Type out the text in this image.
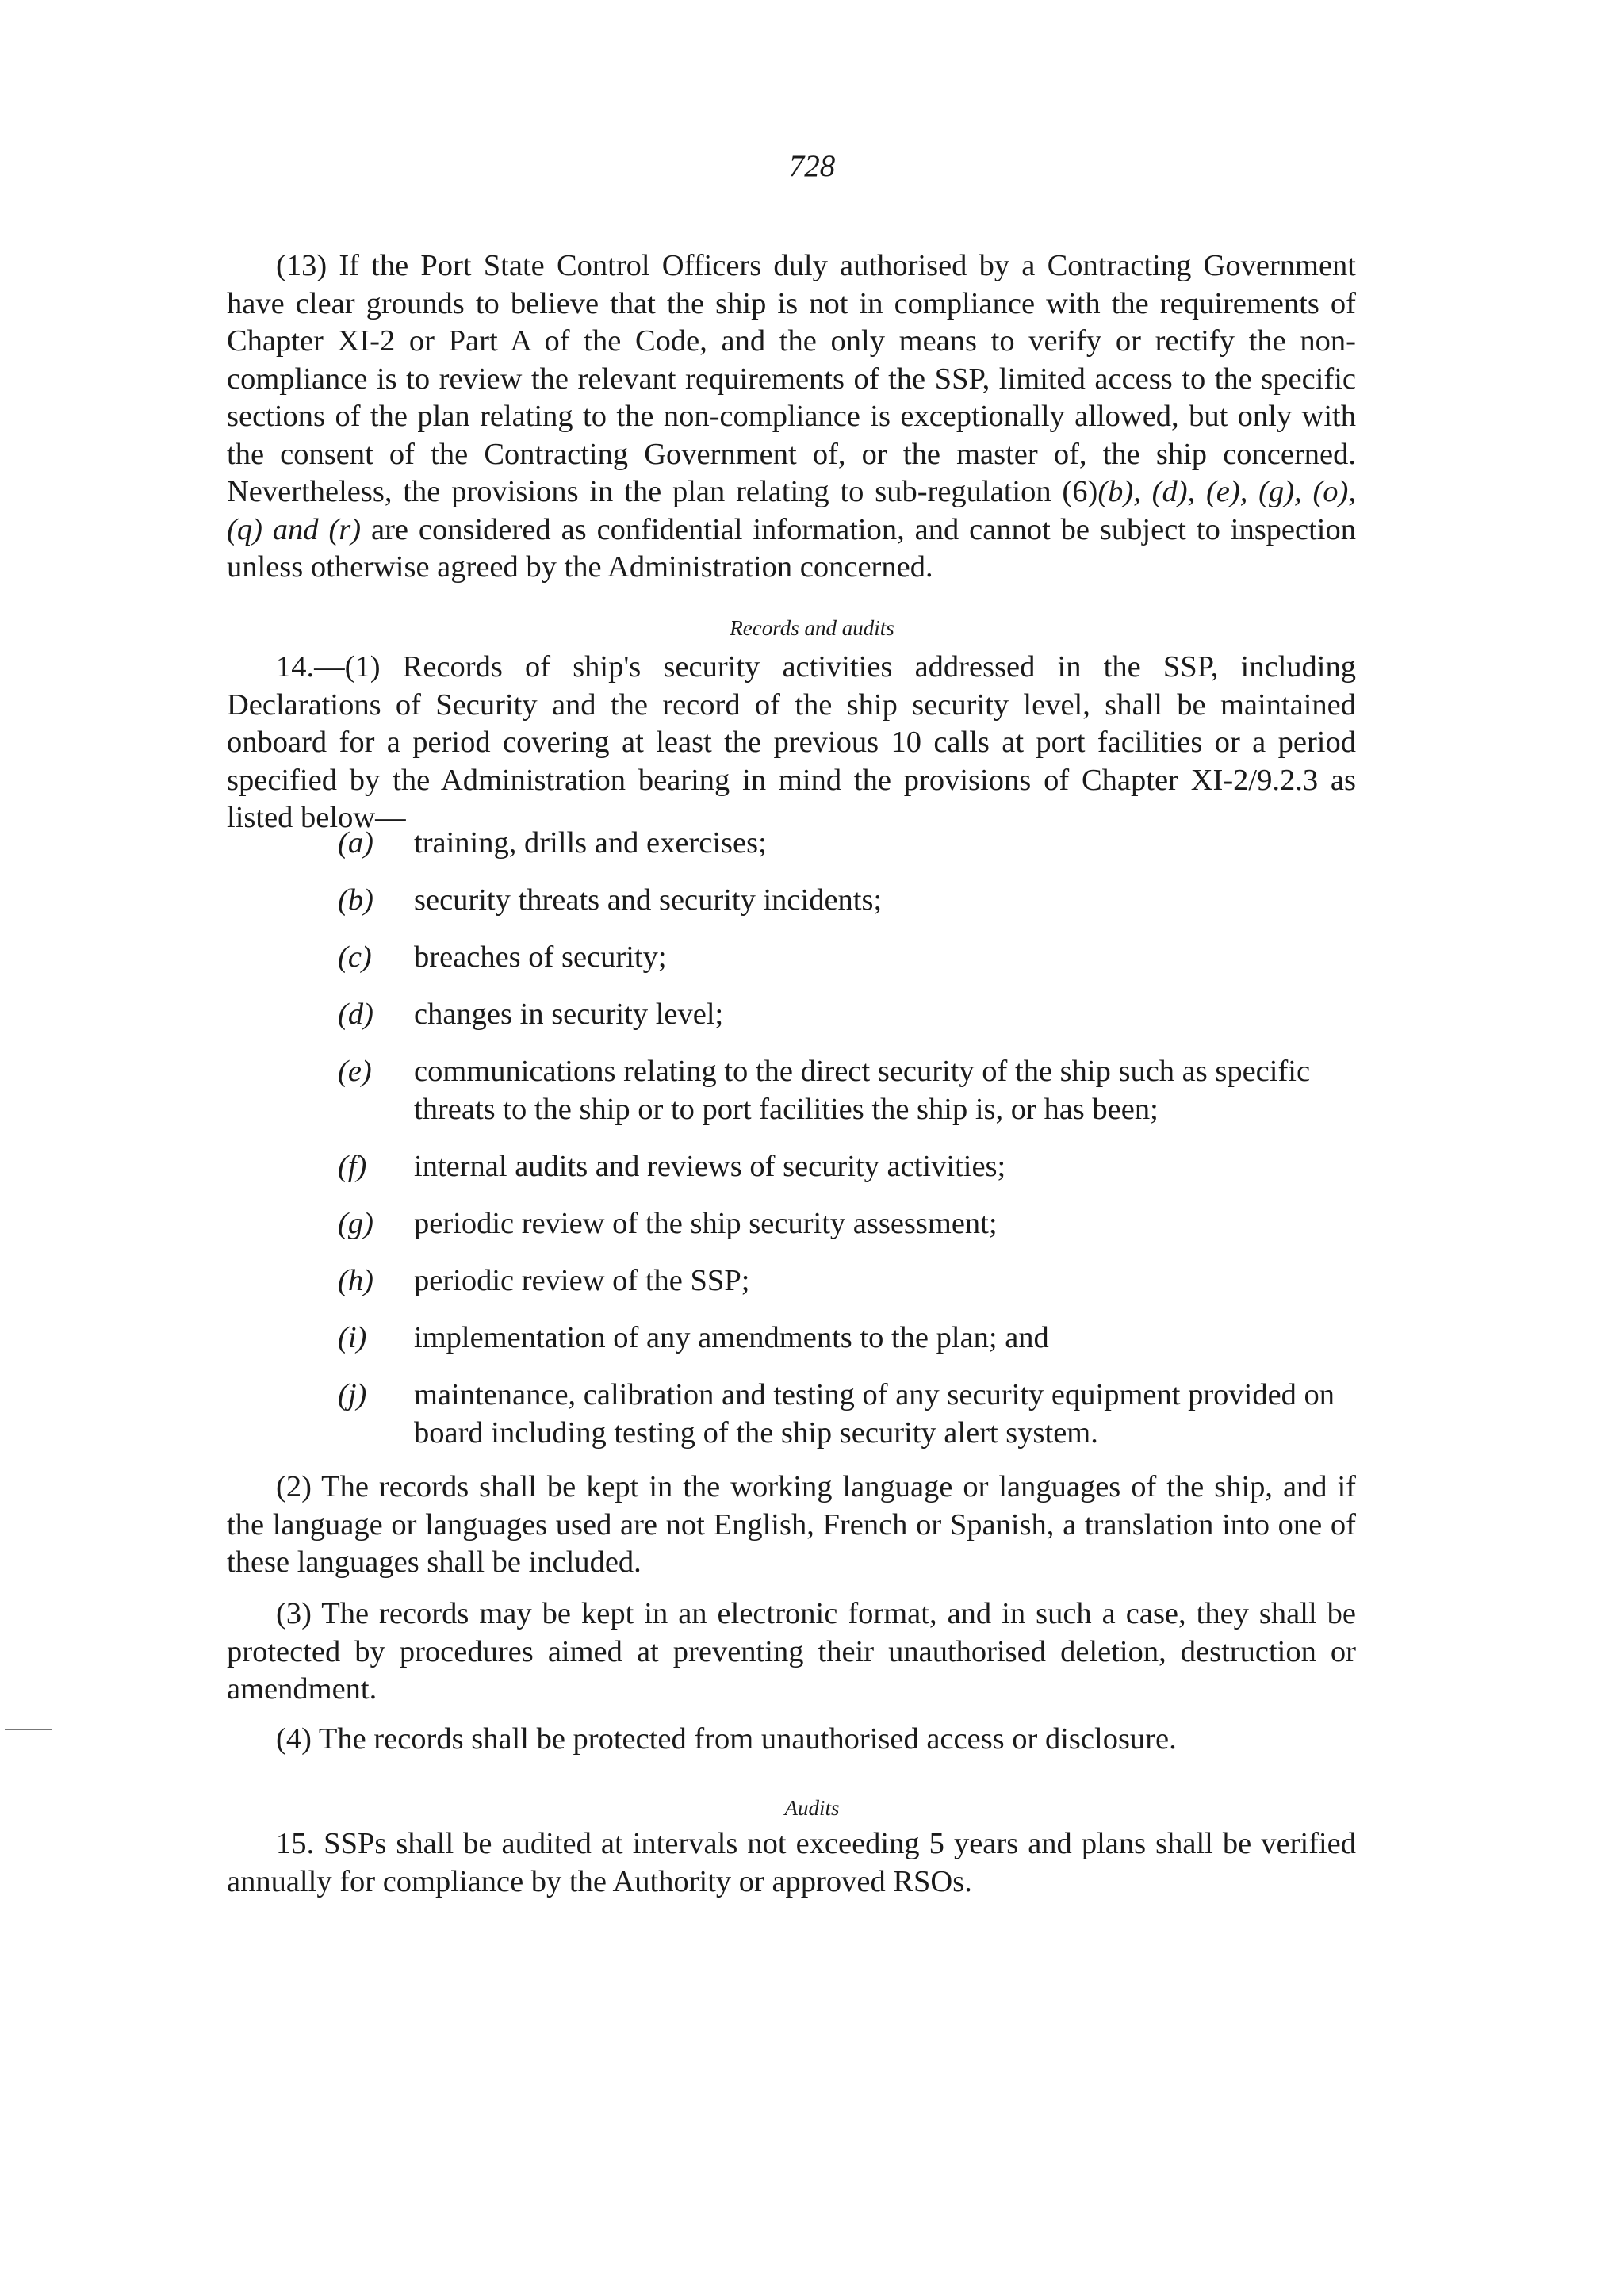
728

(13) If the Port State Control Officers duly authorised by a Contracting Government have clear grounds to believe that the ship is not in compliance with the requirements of Chapter XI-2 or Part A of the Code, and the only means to verify or rectify the non-compliance is to review the relevant requirements of the SSP, limited access to the specific sections of the plan relating to the non-compliance is exceptionally allowed, but only with the consent of the Contracting Government of, or the master of, the ship concerned. Nevertheless, the provisions in the plan relating to sub-regulation (6)(b), (d), (e), (g), (o), (q) and (r) are considered as confidential information, and cannot be subject to inspection unless otherwise agreed by the Administration concerned.

Records and audits

14.—(1) Records of ship's security activities addressed in the SSP, including Declarations of Security and the record of the ship security level, shall be maintained onboard for a period covering at least the previous 10 calls at port facilities or a period specified by the Administration bearing in mind the provisions of Chapter XI-2/9.2.3 as listed below—

(a) training, drills and exercises;
(b) security threats and security incidents;
(c) breaches of security;
(d) changes in security level;
(e) communications relating to the direct security of the ship such as specific threats to the ship or to port facilities the ship is, or has been;
(f) internal audits and reviews of security activities;
(g) periodic review of the ship security assessment;
(h) periodic review of the SSP;
(i) implementation of any amendments to the plan; and
(j) maintenance, calibration and testing of any security equipment provided on board including testing of the ship security alert system.

(2) The records shall be kept in the working language or languages of the ship, and if the language or languages used are not English, French or Spanish, a translation into one of these languages shall be included.

(3) The records may be kept in an electronic format, and in such a case, they shall be protected by procedures aimed at preventing their unauthorised deletion, destruction or amendment.

(4) The records shall be protected from unauthorised access or disclosure.

Audits

15. SSPs shall be audited at intervals not exceeding 5 years and plans shall be verified annually for compliance by the Authority or approved RSOs.
